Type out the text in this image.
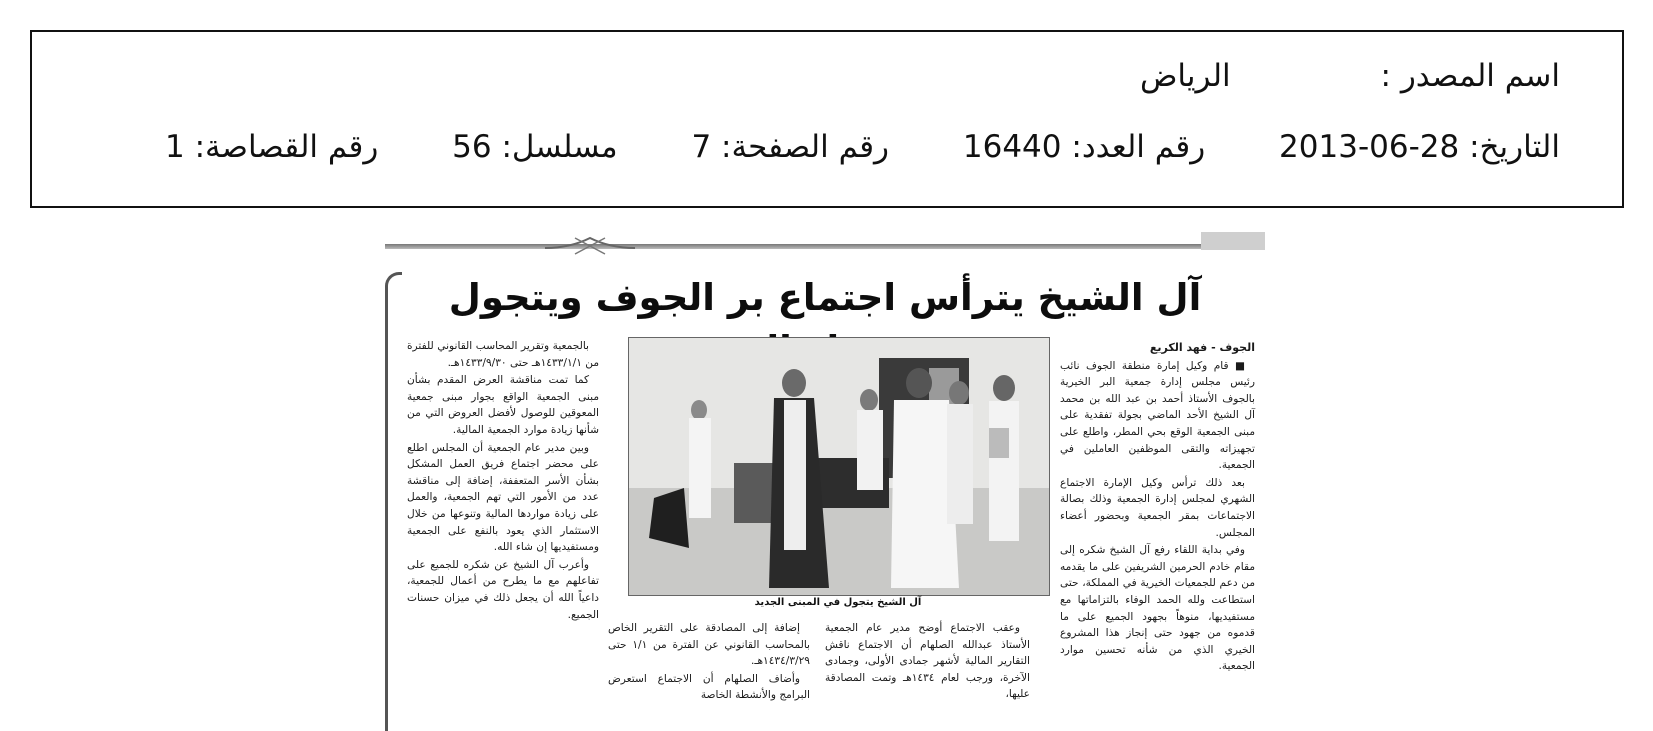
اسم المصدر : الرياض
التاريخ: 2013-06-28 رقم العدد: 16440 رقم الصفحة: 7 مسلسل: 56 رقم القصاصة: 1
آل الشيخ يترأس اجتماع بر الجوف ويتجول

الجوف - فهد الكريع

■ قام وكيل إمارة منطقة الجوف نائب رئيس مجلس إدارة جمعية البر الخيرية بالجوف الأستاذ أحمد بن عبد الله بن محمد آل الشيخ الأحد الماضي بجولة تفقدية على مبنى الجمعية الوقع بحي المطر، واطلع على تجهيزاته والتقى الموظفين العاملين في الجمعية.

بعد ذلك ترأس وكيل الإمارة الاجتماع الشهري لمجلس إدارة الجمعية وذلك بصالة الاجتماعات بمقر الجمعية وبحضور أعضاء المجلس.

وفي بداية اللقاء رفع آل الشيخ شكره إلى مقام خادم الحرمين الشريفين على ما يقدمه من دعم للجمعيات الخيرية في المملكة، حتى استطاعت ولله الحمد الوفاء بالتزاماتها مع مستفيديها، منوهاً بجهود الجميع على ما قدموه من جهود حتى إنجاز هذا المشروع الخيري الذي من شأنه تحسين موارد الجمعية.

آل الشيخ يتجول في المبنى الجديد

وعقب الاجتماع أوضح مدير عام الجمعية الأستاذ عبدالله الصلهام أن الاجتماع ناقش التقارير المالية لأشهر جمادى الأولى، وجمادى الآخرة، ورجب لعام ١٤٣٤هـ وتمت المصادقة عليها،

إضافة إلى المصادقة على التقرير الخاص بالمحاسب القانوني عن الفترة من ١/١ حتى ١٤٣٤/٣/٢٩هـ.

وأضاف الصلهام أن الاجتماع استعرض البرامج والأنشطة الخاصة

بالجمعية وتقرير المحاسب القانوني للفترة من ١٤٣٣/١/١هـ حتى ١٤٣٣/٩/٣٠هـ.

كما تمت مناقشة العرض المقدم بشأن مبنى الجمعية الواقع بجوار مبنى جمعية المعوقين للوصول لأفضل العروض التي من شأنها زيادة موارد الجمعية المالية.

وبين مدير عام الجمعية أن المجلس اطلع على محضر اجتماع فريق العمل المشكل بشأن الأسر المتعففة، إضافة إلى مناقشة عدد من الأمور التي تهم الجمعية، والعمل على زيادة مواردها المالية وتنوعها من خلال الاستثمار الذي يعود بالنفع على الجمعية ومستفيديها إن شاء الله.

وأعرب آل الشيخ عن شكره للجميع على تفاعلهم مع ما يطرح من أعمال للجمعية، داعياً الله أن يجعل ذلك في ميزان حسنات الجميع.
